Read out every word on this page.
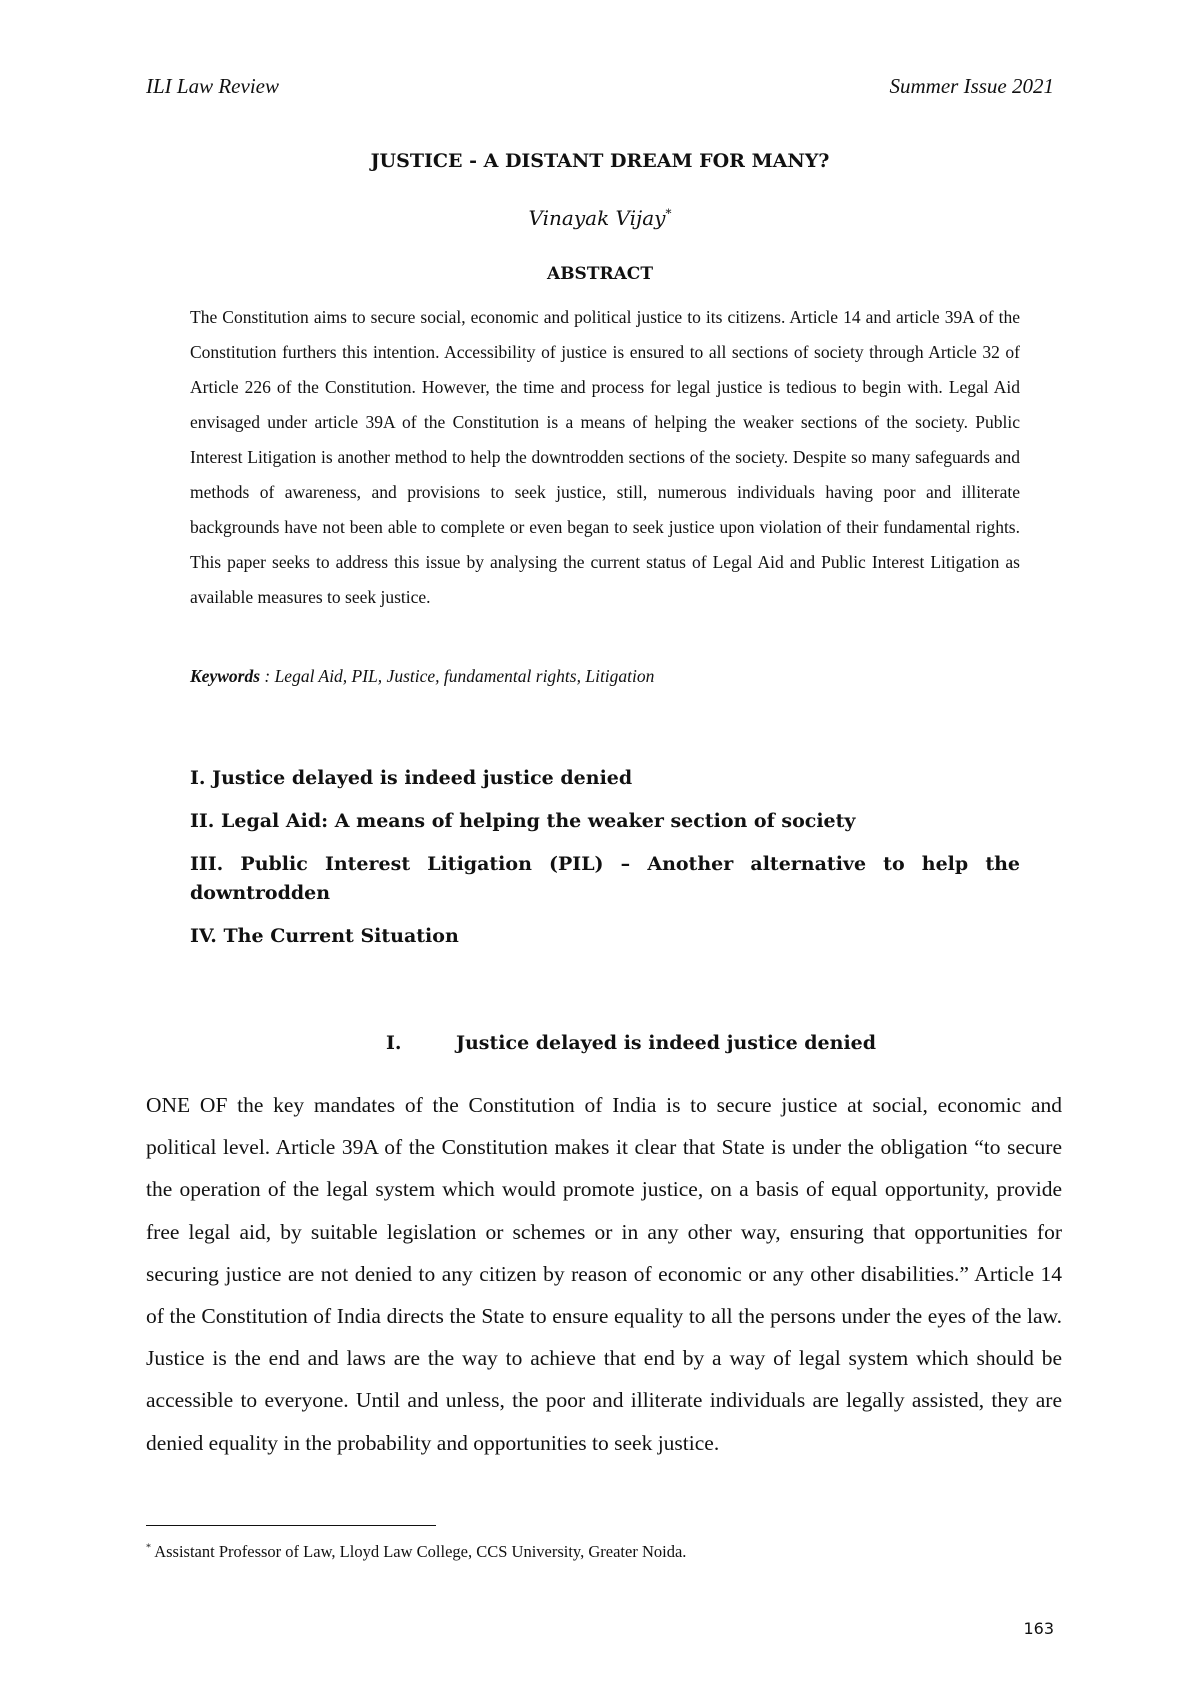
ILI Law Review	Summer Issue 2021
JUSTICE - A DISTANT DREAM FOR MANY?
Vinayak Vijay*
ABSTRACT
The Constitution aims to secure social, economic and political justice to its citizens. Article 14 and article 39A of the Constitution furthers this intention. Accessibility of justice is ensured to all sections of society through Article 32 of Article 226 of the Constitution. However, the time and process for legal justice is tedious to begin with. Legal Aid envisaged under article 39A of the Constitution is a means of helping the weaker sections of the society. Public Interest Litigation is another method to help the downtrodden sections of the society. Despite so many safeguards and methods of awareness, and provisions to seek justice, still, numerous individuals having poor and illiterate backgrounds have not been able to complete or even began to seek justice upon violation of their fundamental rights. This paper seeks to address this issue by analysing the current status of Legal Aid and Public Interest Litigation as available measures to seek justice.
Keywords : Legal Aid, PIL, Justice, fundamental rights, Litigation
I. Justice delayed is indeed justice denied
II. Legal Aid: A means of helping the weaker section of society
III. Public Interest Litigation (PIL) – Another alternative to help the downtrodden
IV. The Current Situation
I.	Justice delayed is indeed justice denied
ONE OF the key mandates of the Constitution of India is to secure justice at social, economic and political level. Article 39A of the Constitution makes it clear that State is under the obligation “to secure the operation of the legal system which would promote justice, on a basis of equal opportunity, provide free legal aid, by suitable legislation or schemes or in any other way, ensuring that opportunities for securing justice are not denied to any citizen by reason of economic or any other disabilities.” Article 14 of the Constitution of India directs the State to ensure equality to all the persons under the eyes of the law. Justice is the end and laws are the way to achieve that end by a way of legal system which should be accessible to everyone. Until and unless, the poor and illiterate individuals are legally assisted, they are denied equality in the probability and opportunities to seek justice.
* Assistant Professor of Law, Lloyd Law College, CCS University, Greater Noida.
163
